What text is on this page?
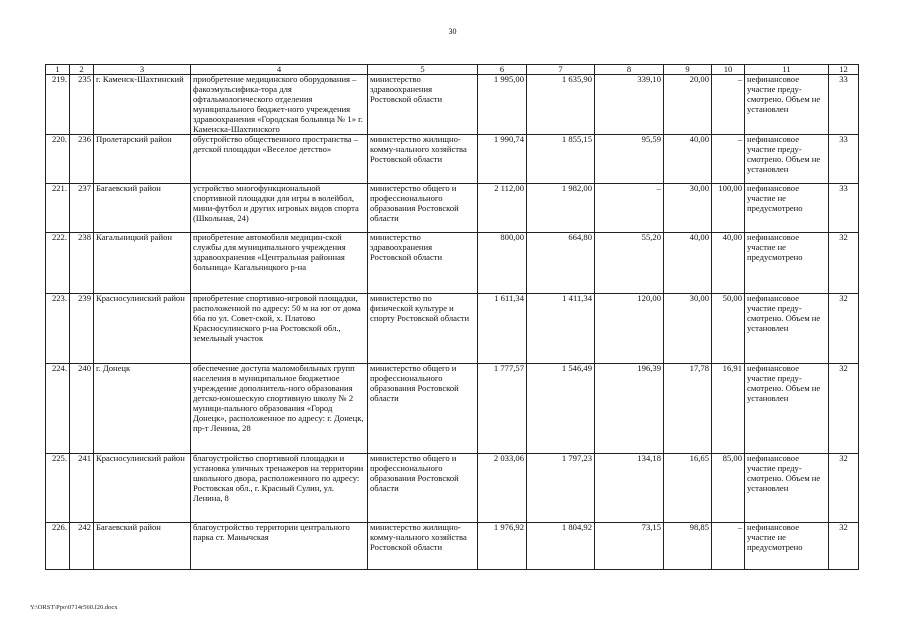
30
1	2	3	4	5	6	7	8	9	10	11	12
219.	235	г. Каменск-Шахтинский	приобретение медицинского оборудования – факоэмульсифика-тора для офтальмологического отделения муниципального бюджет-ного учреждения здравоохранения «Городская больница № 1» г. Каменска-Шахтинского	министерство здравоохранения Ростовской области	1 995,00	1 635,90	339,10	20,00	–	нефинансовое участие преду-смотрено. Объем не установлен	33
220.	236	Пролетарский район	обустройство общественного пространства – детской площадки «Веселое детство»	министерство жилищно-комму-нального хозяйства Ростовской области	1 990,74	1 855,15	95,59	40,00	–	нефинансовое участие преду-смотрено. Объем не установлен	33
221.	237	Багаевский район	устройство многофункциональной спортивной площадки для игры в волейбол, мини-футбол и других игровых видов спорта (Школьная, 24)	министерство общего и профессионального образования Ростовской области	2 112,00	1 982,00	–	30,00	100,00	нефинансовое участие не предусмотрено	33
222.	238	Кагальницкий район	приобретение автомобиля медицин-ской службы для муниципального учреждения здравоохранения «Центральная районная больница» Кагальницкого р-на	министерство здравоохранения Ростовской области	800,00	664,80	55,20	40,00	40,00	нефинансовое участие не предусмотрено	32
223.	239	Красносулинский район	приобретение спортивно-игровой площадки, расположенной по адресу: 50 м на юг от дома 66а по ул. Совет-ской, х. Платово Красносулинского р-на Ростовской обл., земельный участок	министерство по физической культуре и спорту Ростовской области	1 611,34	1 411,34	120,00	30,00	50,00	нефинансовое участие преду-смотрено. Объем не установлен	32
224.	240	г. Донецк	обеспечение доступа маломобильных групп населения в муниципальное бюджетное учреждение дополнитель-ного образования детско-юношескую спортивную школу № 2 муници-пального образования «Город Донецк», расположенное по адресу: г. Донецк, пр-т Ленина, 28	министерство общего и профессионального образования Ростовской области	1 777,57	1 546,49	196,39	17,78	16,91	нефинансовое участие преду-смотрено. Объем не установлен	32
225.	241	Красносулинский район	благоустройство спортивной площадки и установка уличных тренажеров на территории школьного двора, расположенного по адресу: Ростовская обл., г. Красный Сулин, ул. Ленина, 8	министерство общего и профессионального образования Ростовской области	2 033,06	1 797,23	134,18	16,65	85,00	нефинансовое участие преду-смотрено. Объем не установлен	32
226.	242	Багаевский район	благоустройство территории центрального парка ст. Манычская	министерство жилищно-комму-нального хозяйства Ростовской области	1 976,92	1 804,92	73,15	98,85	–	нефинансовое участие не предусмотрено	32
Y:\ORST\Ppo\0714r560.f20.docx
